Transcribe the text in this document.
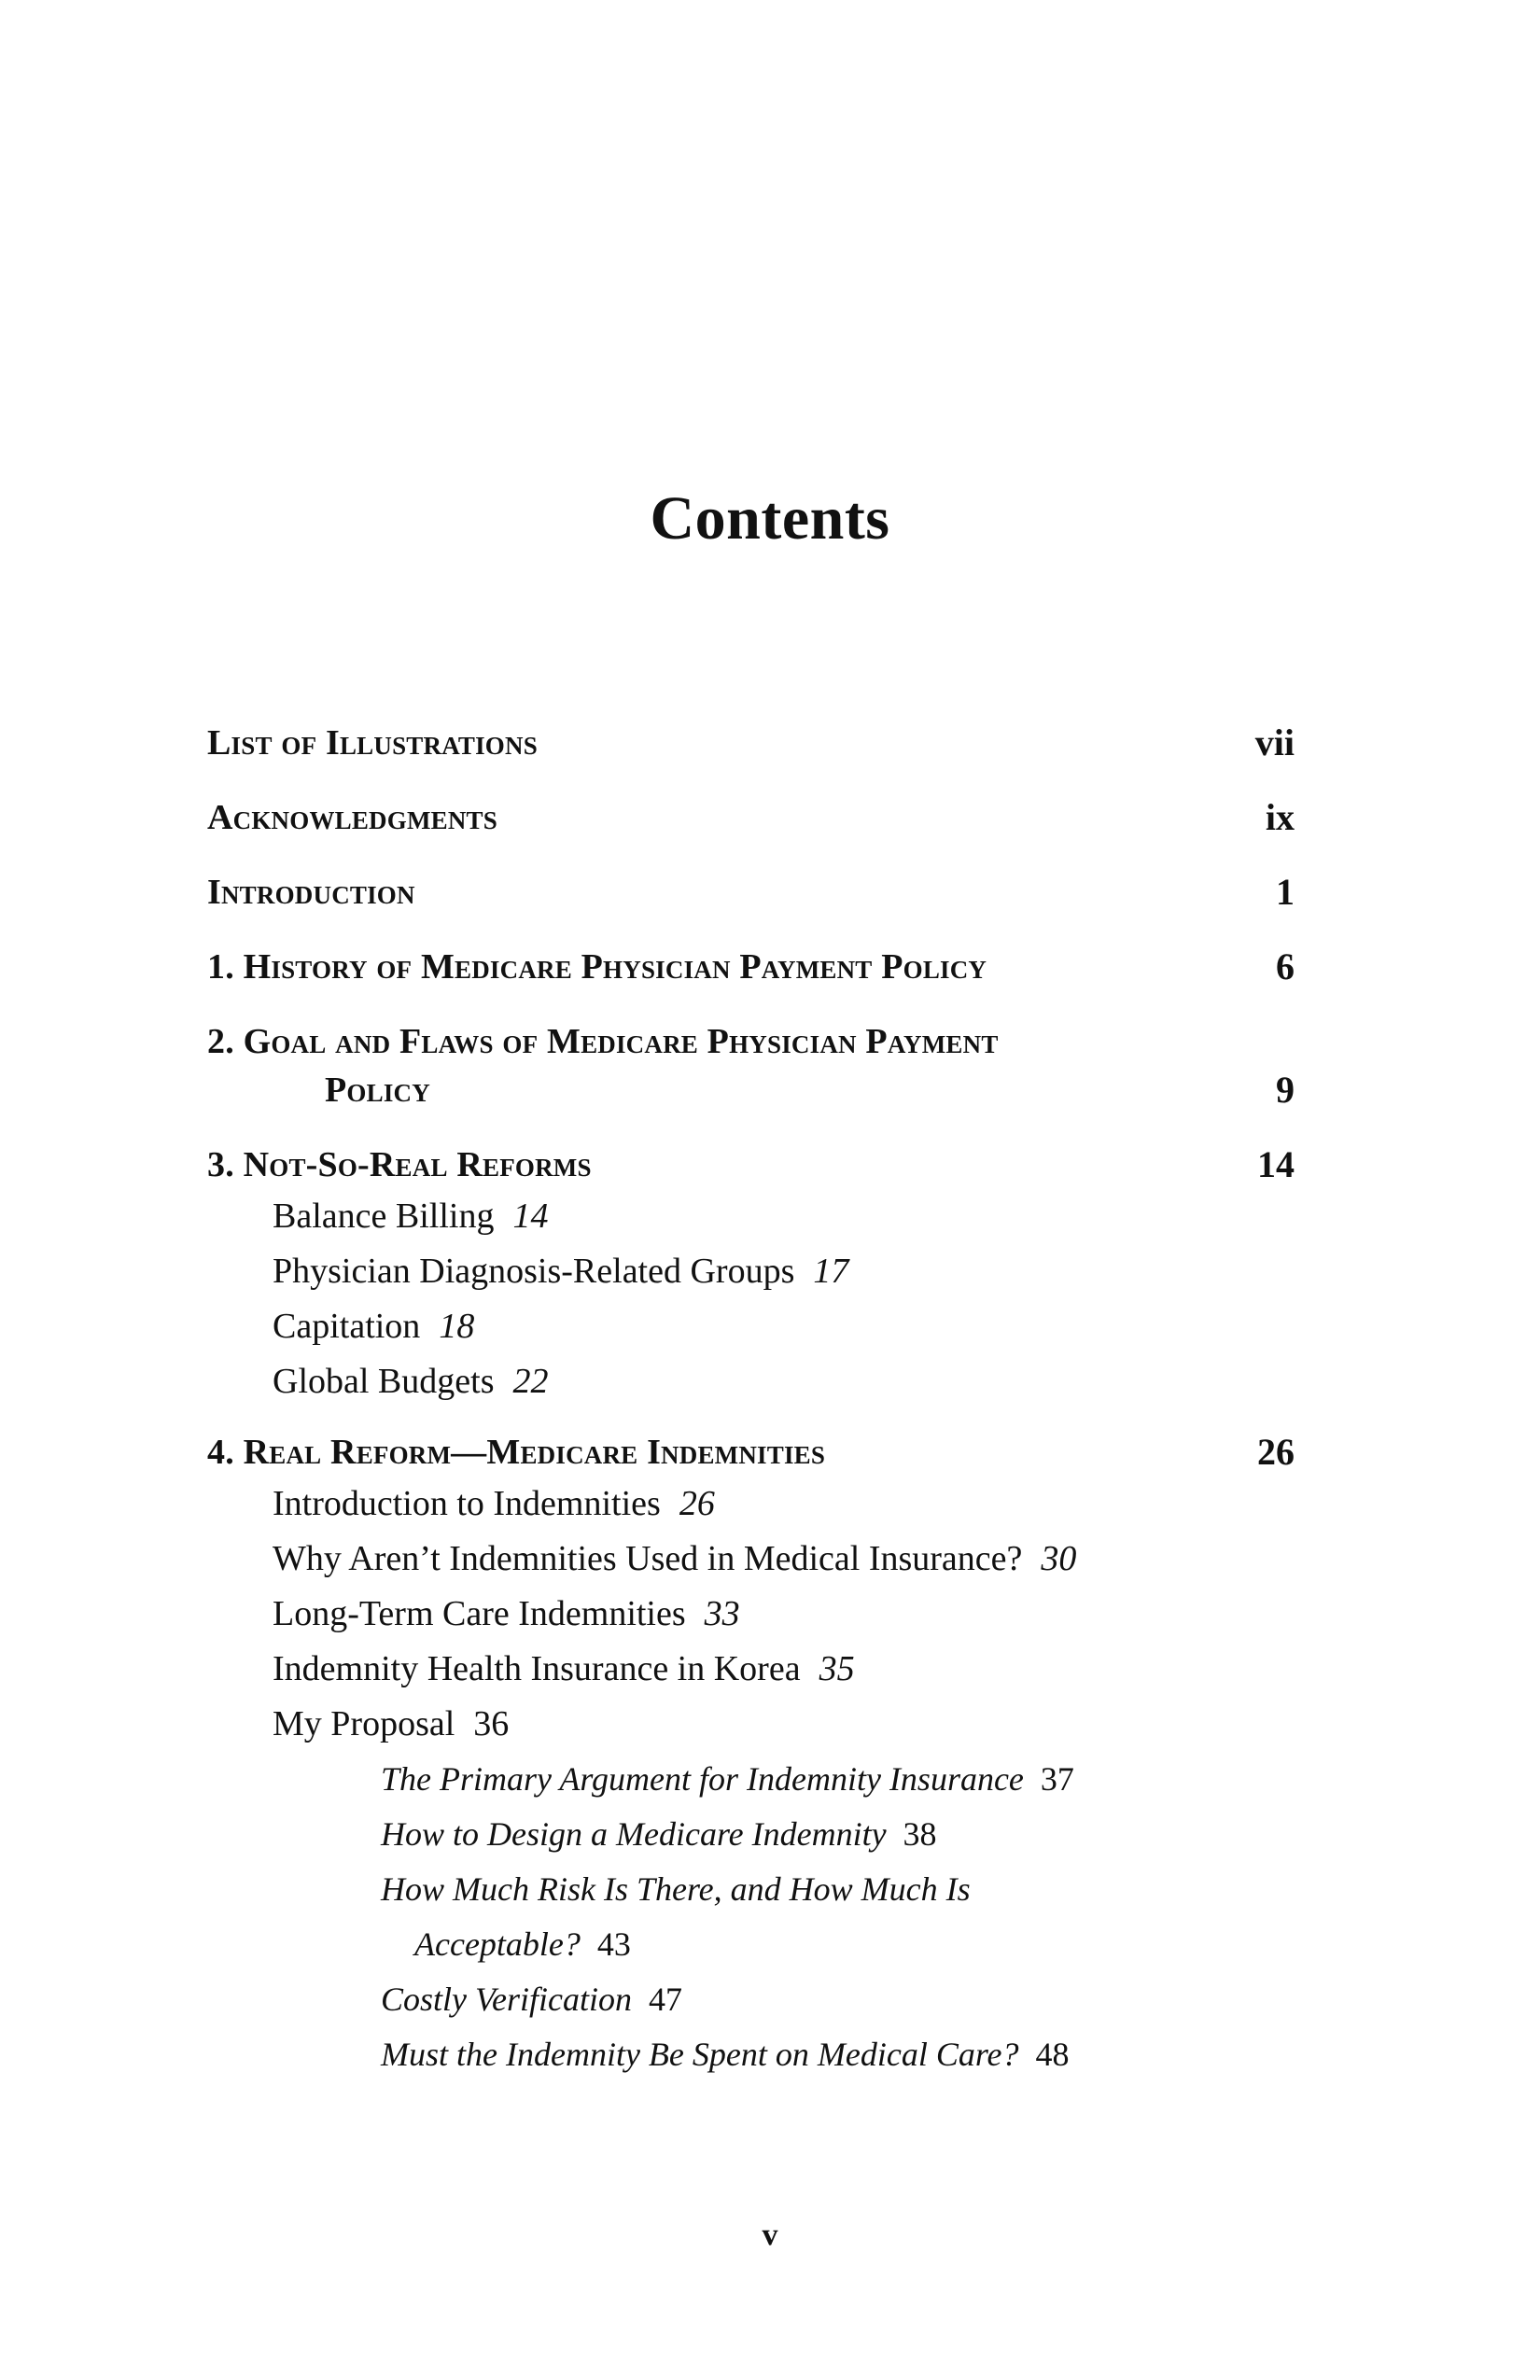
Contents
List of Illustrations	vii
Acknowledgments	ix
Introduction	1
1. History of Medicare Physician Payment Policy	6
2. Goal and Flaws of Medicare Physician Payment
Policy	9
3. Not-So-Real Reforms	14
Balance Billing 14
Physician Diagnosis-Related Groups 17
Capitation 18
Global Budgets 22
4. Real Reform—Medicare Indemnities	26
Introduction to Indemnities 26
Why Aren’t Indemnities Used in Medical Insurance? 30
Long-Term Care Indemnities 33
Indemnity Health Insurance in Korea 35
My Proposal 36
The Primary Argument for Indemnity Insurance 37
How to Design a Medicare Indemnity 38
How Much Risk Is There, and How Much Is
Acceptable? 43
Costly Verification 47
Must the Indemnity Be Spent on Medical Care? 48
v
